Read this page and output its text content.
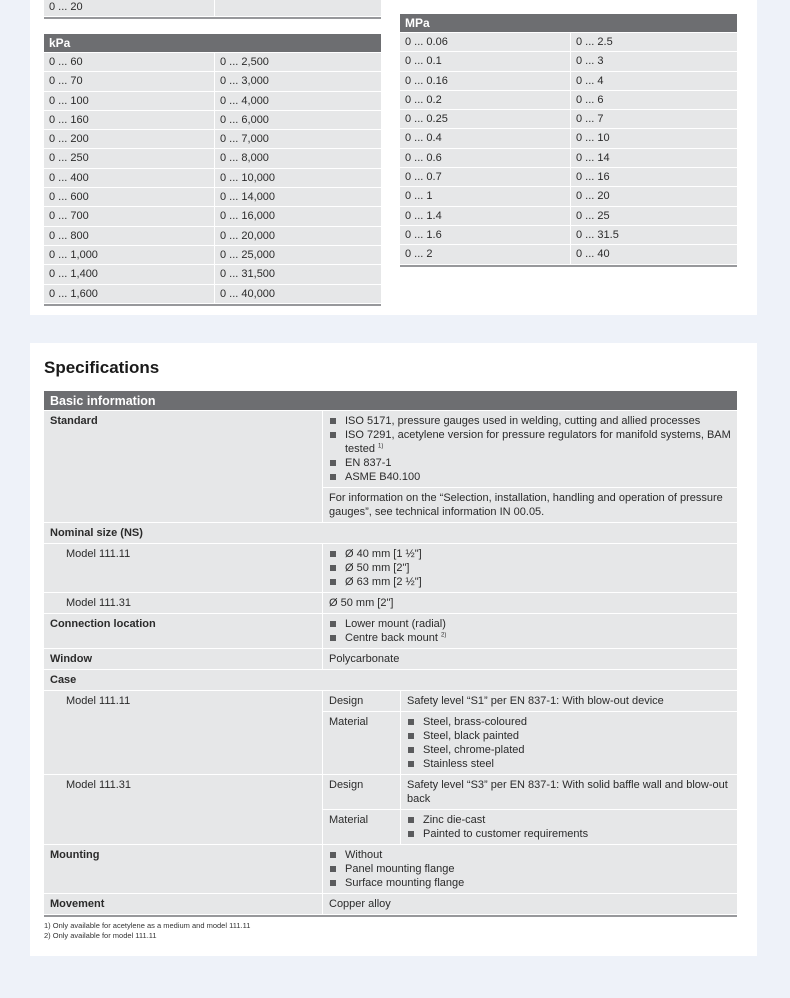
0 ... 20
kPa
0 ... 60	0 ... 2,500
0 ... 70	0 ... 3,000
0 ... 100	0 ... 4,000
0 ... 160	0 ... 6,000
0 ... 200	0 ... 7,000
0 ... 250	0 ... 8,000
0 ... 400	0 ... 10,000
0 ... 600	0 ... 14,000
0 ... 700	0 ... 16,000
0 ... 800	0 ... 20,000
0 ... 1,000	0 ... 25,000
0 ... 1,400	0 ... 31,500
0 ... 1,600	0 ... 40,000
MPa
0 ... 0.06	0 ... 2.5
0 ... 0.1	0 ... 3
0 ... 0.16	0 ... 4
0 ... 0.2	0 ... 6
0 ... 0.25	0 ... 7
0 ... 0.4	0 ... 10
0 ... 0.6	0 ... 14
0 ... 0.7	0 ... 16
0 ... 1	0 ... 20
0 ... 1.4	0 ... 25
0 ... 1.6	0 ... 31.5
0 ... 2	0 ... 40
Specifications
Basic information
Standard	ISO 5171, pressure gauges used in welding, cutting and allied processes
ISO 7291, acetylene version for pressure regulators for manifold systems, BAM tested $^{1)}$
EN 837-1
ASME B40.100
For information on the “Selection, installation, handling and operation of pressure gauges”, see technical information IN 00.05.
Nominal size (NS)
Model 111.11	Ø 40 mm [1 ½"]
Ø 50 mm [2"]
Ø 63 mm [2 ½"]
Model 111.31	Ø 50 mm [2"]
Connection location	Lower mount (radial)
Centre back mount $^{2)}$
Window	Polycarbonate
Case
Model 111.11	Design	Safety level “S1” per EN 837-1: With blow-out device
Material	Steel, brass-coloured
Steel, black painted
Steel, chrome-plated
Stainless steel
Model 111.31	Design	Safety level “S3” per EN 837-1: With solid baffle wall and blow-out back
Material	Zinc die-cast
Painted to customer requirements
Mounting	Without
Panel mounting flange
Surface mounting flange
Movement	Copper alloy
1) Only available for acetylene as a medium and model 111.11
2) Only available for model 111.11
